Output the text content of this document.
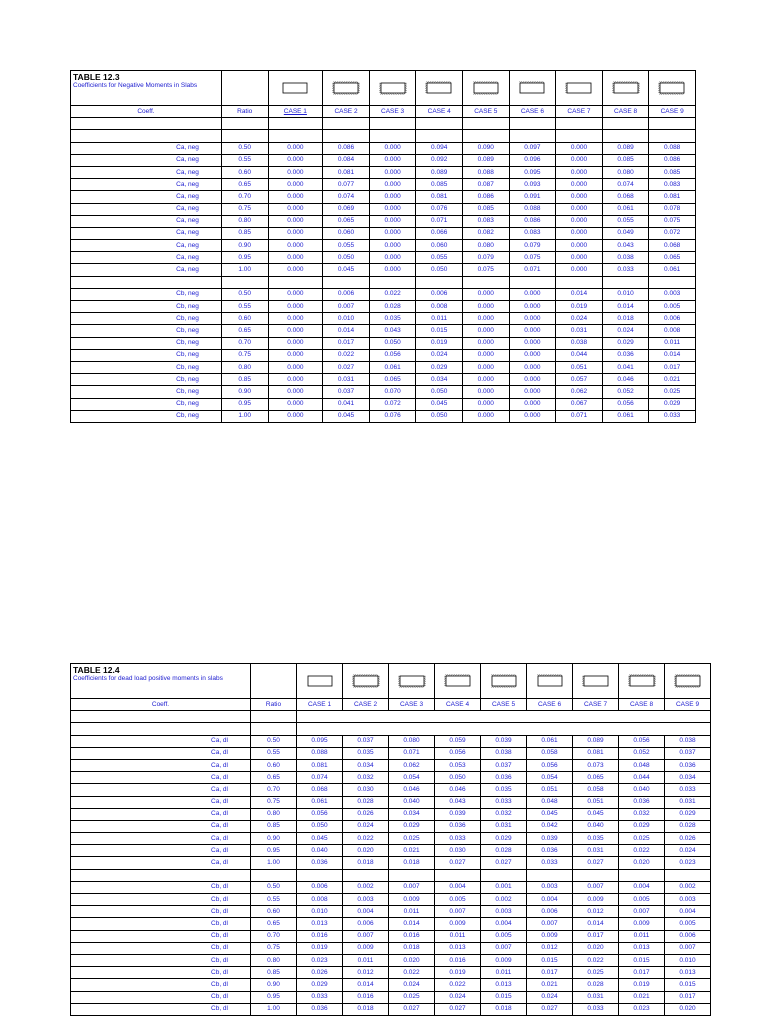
TABLE 12.3
Coefficients for Negative Moments in Slabs

Coeff.	Ratio	CASE 1	CASE 2	CASE 3	CASE 4	CASE 5	CASE 6	CASE 7	CASE 8	CASE 9

Ca, neg	0.50	0.000	0.086	0.000	0.094	0.090	0.097	0.000	0.089	0.088
Ca, neg	0.55	0.000	0.084	0.000	0.092	0.089	0.096	0.000	0.085	0.086
Ca, neg	0.60	0.000	0.081	0.000	0.089	0.088	0.095	0.000	0.080	0.085
Ca, neg	0.65	0.000	0.077	0.000	0.085	0.087	0.093	0.000	0.074	0.083
Ca, neg	0.70	0.000	0.074	0.000	0.081	0.086	0.091	0.000	0.068	0.081
Ca, neg	0.75	0.000	0.069	0.000	0.076	0.085	0.088	0.000	0.061	0.078
Ca, neg	0.80	0.000	0.065	0.000	0.071	0.083	0.086	0.000	0.055	0.075
Ca, neg	0.85	0.000	0.060	0.000	0.066	0.082	0.083	0.000	0.049	0.072
Ca, neg	0.90	0.000	0.055	0.000	0.060	0.080	0.079	0.000	0.043	0.068
Ca, neg	0.95	0.000	0.050	0.000	0.055	0.079	0.075	0.000	0.038	0.065
Ca, neg	1.00	0.000	0.045	0.000	0.050	0.075	0.071	0.000	0.033	0.061

Cb, neg	0.50	0.000	0.006	0.022	0.006	0.000	0.000	0.014	0.010	0.003
Cb, neg	0.55	0.000	0.007	0.028	0.008	0.000	0.000	0.019	0.014	0.005
Cb, neg	0.60	0.000	0.010	0.035	0.011	0.000	0.000	0.024	0.018	0.006
Cb, neg	0.65	0.000	0.014	0.043	0.015	0.000	0.000	0.031	0.024	0.008
Cb, neg	0.70	0.000	0.017	0.050	0.019	0.000	0.000	0.038	0.029	0.011
Cb, neg	0.75	0.000	0.022	0.056	0.024	0.000	0.000	0.044	0.036	0.014
Cb, neg	0.80	0.000	0.027	0.061	0.029	0.000	0.000	0.051	0.041	0.017
Cb, neg	0.85	0.000	0.031	0.065	0.034	0.000	0.000	0.057	0.046	0.021
Cb, neg	0.90	0.000	0.037	0.070	0.050	0.000	0.000	0.062	0.052	0.025
Cb, neg	0.95	0.000	0.041	0.072	0.045	0.000	0.000	0.067	0.056	0.029
Cb, neg	1.00	0.000	0.045	0.076	0.050	0.000	0.000	0.071	0.061	0.033
TABLE 12.4
Coefficients for dead load positive moments in slabs

Coeff.	Ratio	CASE 1	CASE 2	CASE 3	CASE 4	CASE 5	CASE 6	CASE 7	CASE 8	CASE 9

Ca, dl	0.50	0.095	0.037	0.080	0.059	0.039	0.061	0.089	0.056	0.038
Ca, dl	0.55	0.088	0.035	0.071	0.056	0.038	0.058	0.081	0.052	0.037
Ca, dl	0.60	0.081	0.034	0.062	0.053	0.037	0.056	0.073	0.048	0.036
Ca, dl	0.65	0.074	0.032	0.054	0.050	0.036	0.054	0.065	0.044	0.034
Ca, dl	0.70	0.068	0.030	0.046	0.046	0.035	0.051	0.058	0.040	0.033
Ca, dl	0.75	0.061	0.028	0.040	0.043	0.033	0.048	0.051	0.036	0.031
Ca, dl	0.80	0.056	0.026	0.034	0.039	0.032	0.045	0.045	0.032	0.029
Ca, dl	0.85	0.050	0.024	0.029	0.036	0.031	0.042	0.040	0.029	0.028
Ca, dl	0.90	0.045	0.022	0.025	0.033	0.029	0.039	0.035	0.025	0.026
Ca, dl	0.95	0.040	0.020	0.021	0.030	0.028	0.036	0.031	0.022	0.024
Ca, dl	1.00	0.036	0.018	0.018	0.027	0.027	0.033	0.027	0.020	0.023

Cb, dl	0.50	0.006	0.002	0.007	0.004	0.001	0.003	0.007	0.004	0.002
Cb, dl	0.55	0.008	0.003	0.009	0.005	0.002	0.004	0.009	0.005	0.003
Cb, dl	0.60	0.010	0.004	0.011	0.007	0.003	0.006	0.012	0.007	0.004
Cb, dl	0.65	0.013	0.006	0.014	0.009	0.004	0.007	0.014	0.009	0.005
Cb, dl	0.70	0.016	0.007	0.016	0.011	0.005	0.009	0.017	0.011	0.006
Cb, dl	0.75	0.019	0.009	0.018	0.013	0.007	0.012	0.020	0.013	0.007
Cb, dl	0.80	0.023	0.011	0.020	0.016	0.009	0.015	0.022	0.015	0.010
Cb, dl	0.85	0.026	0.012	0.022	0.019	0.011	0.017	0.025	0.017	0.013
Cb, dl	0.90	0.029	0.014	0.024	0.022	0.013	0.021	0.028	0.019	0.015
Cb, dl	0.95	0.033	0.016	0.025	0.024	0.015	0.024	0.031	0.021	0.017
Cb, dl	1.00	0.036	0.018	0.027	0.027	0.018	0.027	0.033	0.023	0.020
